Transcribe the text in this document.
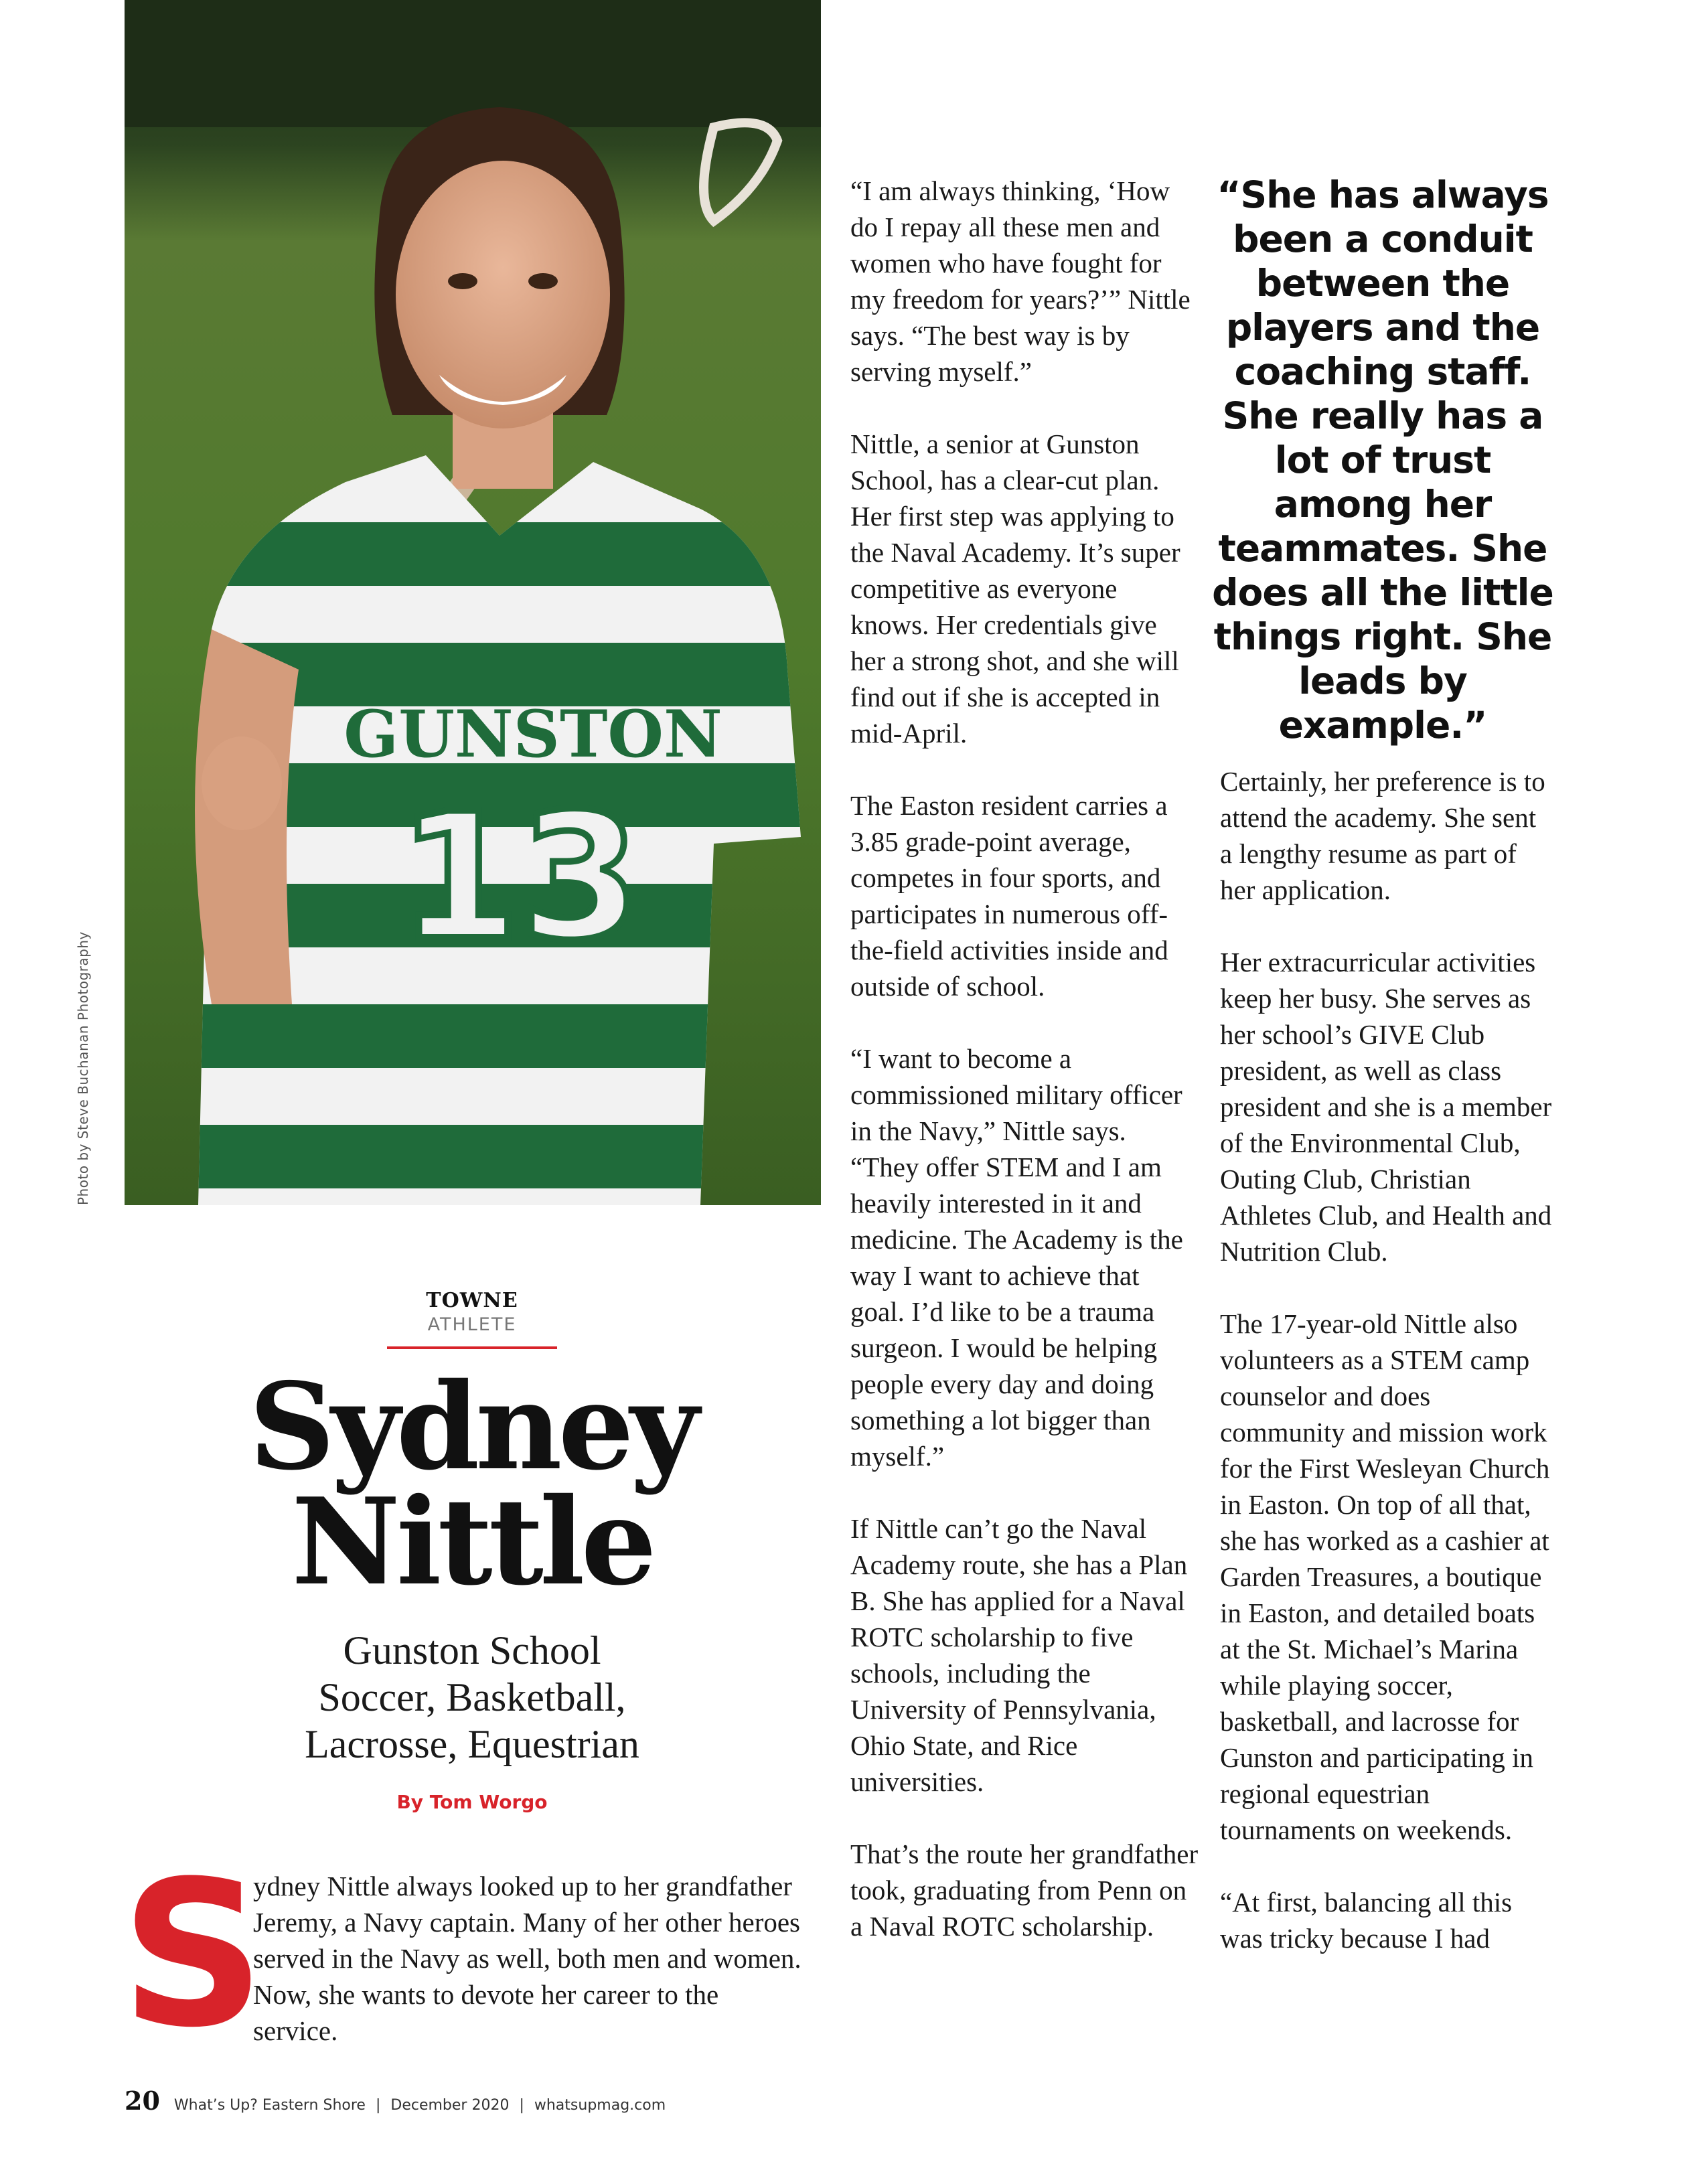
GUNSTON
13
Photo by Steve Buchanan Photography
TOWNE ATHLETE
Sydney
Nittle
Gunston School
Soccer, Basketball,
Lacrosse, Equestrian
By Tom Worgo
S

ydney Nittle always looked up to her grandfather Jeremy, a Navy captain. Many of her other heroes served in the Navy as well, both men and women. Now, she wants to devote her career to the service.

“I am always thinking, ‘How do I repay all these men and women who have fought for my freedom for years?’” Nittle says. “The best way is by serving myself.”

Nittle, a senior at Gunston School, has a clear-cut plan. Her first step was applying to the Naval Academy. It’s super competitive as everyone knows. Her credentials give her a strong shot, and she will find out if she is accepted in mid-April.

The Easton resident carries a 3.85 grade-point average, competes in four sports, and participates in numerous off-the-field activities inside and outside of school.

“I want to become a commissioned military officer in the Navy,” Nittle says. “They offer STEM and I am heavily interested in it and medicine. The Academy is the way I want to achieve that goal. I’d like to be a trauma surgeon. I would be helping people every day and doing something a lot bigger than myself.”

If Nittle can’t go the Naval Academy route, she has a Plan B. She has applied for a Naval ROTC scholarship to five schools, including the University of Pennsylvania, Ohio State, and Rice universities.

That’s the route her grandfather took, graduating from Penn on a Naval ROTC scholarship.

“She has always been a conduit between the players and the coaching staff. She really has a lot of trust among her teammates. She does all the little things right. She leads by example.”

Certainly, her preference is to attend the academy. She sent a lengthy resume as part of her application.

Her extracurricular activities keep her busy. She serves as her school’s GIVE Club president, as well as class president and she is a member of the Environmental Club, Outing Club, Christian Athletes Club, and Health and Nutrition Club.

The 17-year-old Nittle also volunteers as a STEM camp counselor and does community and mission work for the First Wesleyan Church in Easton. On top of all that, she has worked as a cashier at Garden Treasures, a boutique in Easton, and detailed boats at the St. Michael’s Marina while playing soccer, basketball, and lacrosse for Gunston and participating in regional equestrian tournaments on weekends.

“At first, balancing all this was tricky because I had

20 What’s Up? Eastern Shore | December 2020 | whatsupmag.com
